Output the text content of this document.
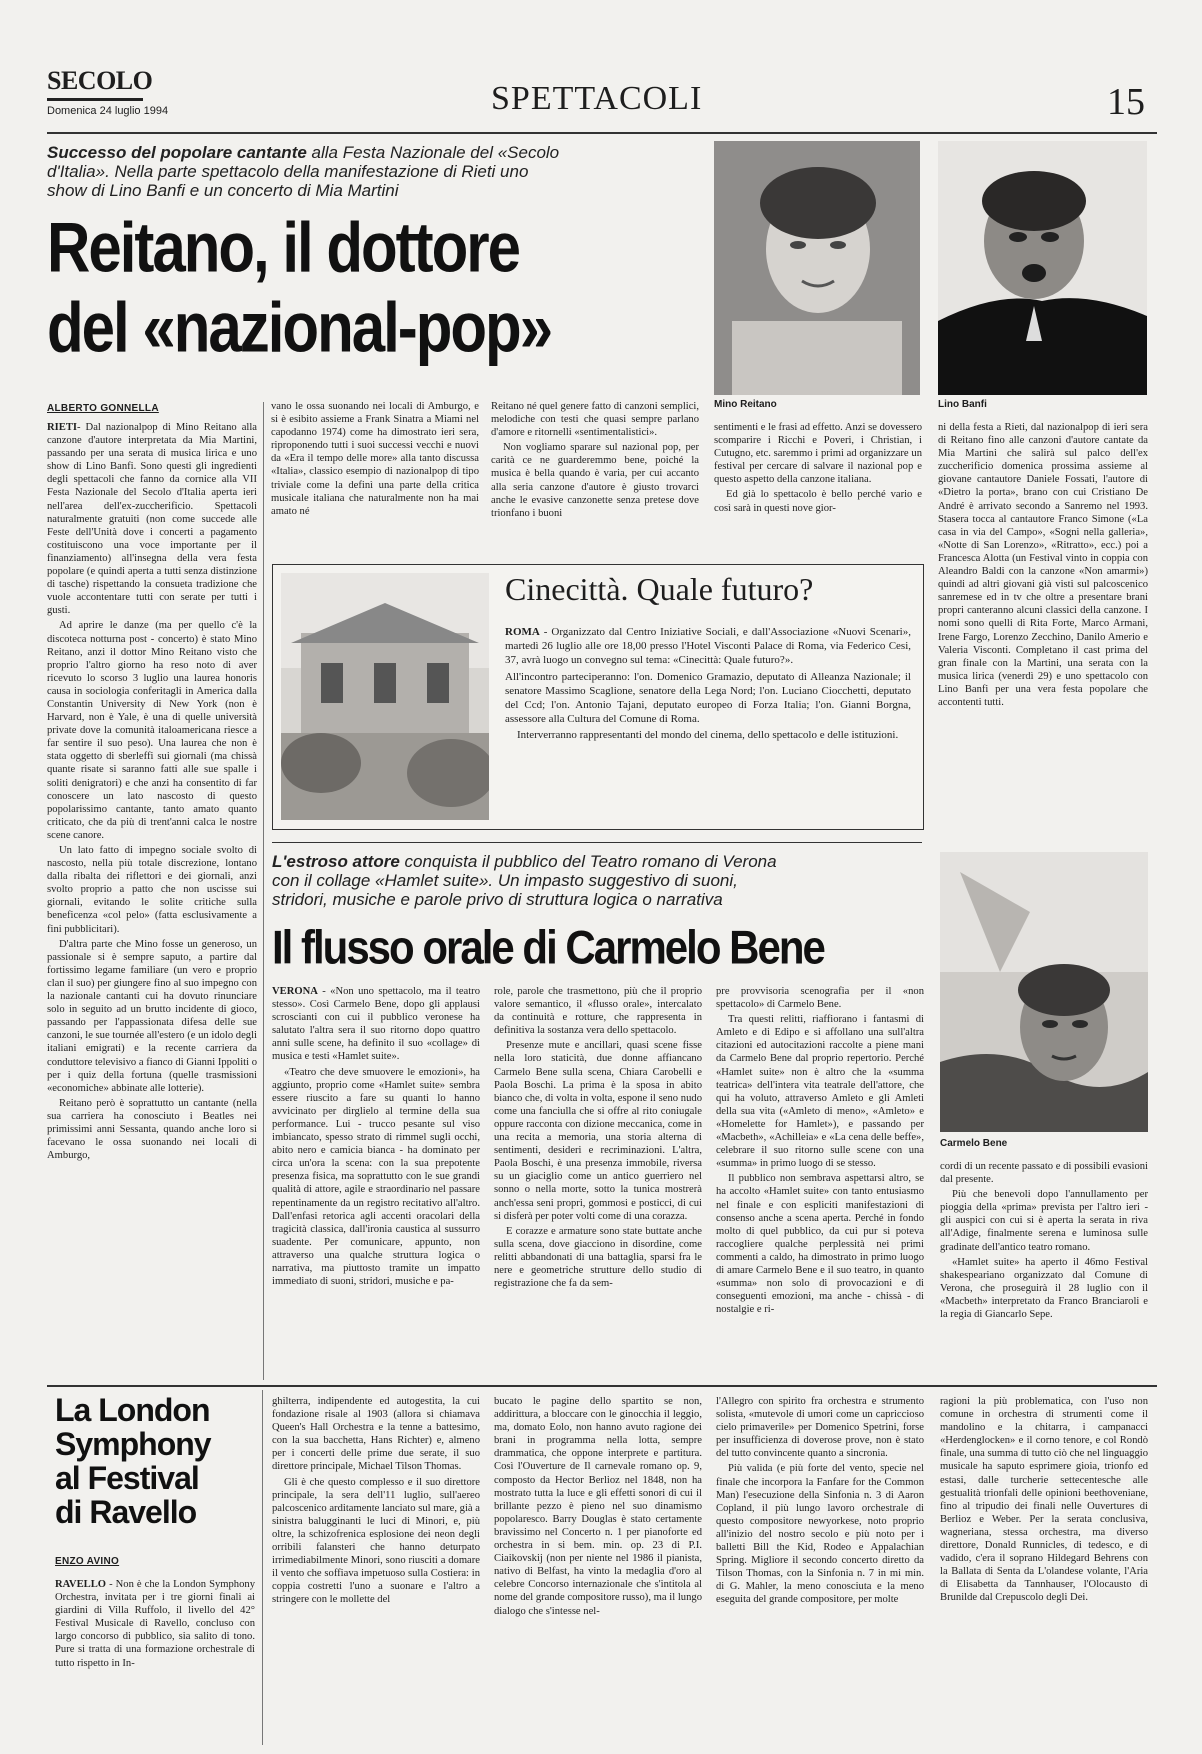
SECOLO
Domenica 24 luglio 1994	SPETTACOLI	15
Successo del popolare cantante alla Festa Nazionale del «Secolo d'Italia». Nella parte spettacolo della manifestazione di Rieti uno show di Lino Banfi e un concerto di Mia Martini
Reitano, il dottore
del «nazional-pop»
Mino Reitano	Lino Banfi
ALBERTO GONNELLA

RIETI- Dal nazionalpop di Mino Reitano alla canzone d'autore interpretata da Mia Martini, passando per una serata di musica lirica e uno show di Lino Banfi. Sono questi gli ingredienti degli spettacoli che fanno da cornice alla VII Festa Nazionale del Secolo d'Italia aperta ieri nell'area dell'ex-zuccherificio. Spettacoli naturalmente gratuiti (non come succede alle Feste dell'Unità dove i concerti a pagamento costituiscono una voce importante per il finanziamento) all'insegna della vera festa popolare (e quindi aperta a tutti senza distinzione di tasche) rispettando la consueta tradizione che vuole accontentare tutti con serate per tutti i gusti.

Ad aprire le danze (ma per quello c'è la discoteca notturna post - concerto) è stato Mino Reitano, anzi il dottor Mino Reitano visto che proprio l'altro giorno ha reso noto di aver ricevuto lo scorso 3 luglio una laurea honoris causa in sociologia conferitagli in America dalla Constantin University di New York (non è Harvard, non è Yale, è una di quelle università private dove la comunità italoamericana riesce a far sentire il suo peso). Una laurea che non è stata oggetto di sberleffi sui giornali (ma chissà quante risate si saranno fatti alle sue spalle i soliti denigratori) e che anzi ha consentito di far conoscere un lato nascosto di questo popolarissimo cantante, tanto amato quanto criticato, che da più di trent'anni calca le nostre scene canore.

Un lato fatto di impegno sociale svolto di nascosto, nella più totale discrezione, lontano dalla ribalta dei riflettori e dei giornali, anzi svolto proprio a patto che non uscisse sui giornali, evitando le solite critiche sulla beneficenza «col pelo» (fatta esclusivamente a fini pubblicitari).

D'altra parte che Mino fosse un generoso, un passionale si è sempre saputo, a partire dal fortissimo legame familiare (un vero e proprio clan il suo) per giungere fino al suo impegno con la nazionale cantanti cui ha dovuto rinunciare solo in seguito ad un brutto incidente di gioco, passando per l'appassionata difesa delle sue canzoni, le sue tournée all'estero (e un idolo degli italiani emigrati) e la recente carriera da conduttore televisivo a fianco di Gianni Ippoliti o per i quiz della fortuna (quelle trasmissioni «economiche» abbinate alle lotterie).

Reitano però è soprattutto un cantante (nella sua carriera ha conosciuto i Beatles nei primissimi anni Sessanta, quando anche loro si facevano le ossa suonando nei locali di Amburgo,

vano le ossa suonando nei locali di Amburgo, e si è esibito assieme a Frank Sinatra a Miami nel capodanno 1974) come ha dimostrato ieri sera, riproponendo tutti i suoi successi vecchi e nuovi da «Era il tempo delle more» alla tanto discussa «Italia», classico esempio di nazionalpop di tipo triviale come la definì una parte della critica musicale italiana che naturalmente non ha mai amato né

Reitano né quel genere fatto di canzoni semplici, melodiche con testi che quasi sempre parlano d'amore e ritornelli «sentimentalistici».

Non vogliamo sparare sul nazional pop, per carità ce ne guarderemmo bene, poiché la musica è bella quando è varia, per cui accanto alla seria canzone d'autore è giusto trovarci anche le evasive canzonette senza pretese dove trionfano i buoni

sentimenti e le frasi ad effetto. Anzi se dovessero scomparire i Ricchi e Poveri, i Christian, i Cutugno, etc. saremmo i primi ad organizzare un festival per cercare di salvare il nazional pop e questo aspetto della canzone italiana.

Ed già lo spettacolo è bello perché vario e così sarà in questi nove gior-

ni della festa a Rieti, dal nazionalpop di ieri sera di Reitano fino alle canzoni d'autore cantate da Mia Martini che salirà sul palco dell'ex zuccherificio domenica prossima assieme al giovane cantautore Daniele Fossati, l'autore di «Dietro la porta», brano con cui Cristiano De André è arrivato secondo a Sanremo nel 1993. Stasera tocca al cantautore Franco Simone («La casa in via del Campo», «Sogni nella galleria», «Notte di San Lorenzo», «Ritratto», ecc.) poi a Francesca Alotta (un Festival vinto in coppia con Aleandro Baldi con la canzone «Non amarmi») quindi ad altri giovani già visti sul palcoscenico sanremese ed in tv che oltre a presentare brani propri canteranno alcuni classici della canzone. I nomi sono quelli di Rita Forte, Marco Armani, Irene Fargo, Lorenzo Zecchino, Danilo Amerio e Valeria Visconti. Completano il cast prima del gran finale con la Martini, una serata con la musica lirica (venerdì 29) e uno spettacolo con Lino Banfi per una vera festa popolare che accontenti tutti.

Cinecittà. Quale futuro?

ROMA - Organizzato dal Centro Iniziative Sociali, e dall'Associazione «Nuovi Scenari», martedì 26 luglio alle ore 18,00 presso l'Hotel Visconti Palace di Roma, via Federico Cesi, 37, avrà luogo un convegno sul tema: «Cinecittà: Quale futuro?».

All'incontro parteciperanno: l'on. Domenico Gramazio, deputato di Alleanza Nazionale; il senatore Massimo Scaglione, senatore della Lega Nord; l'on. Luciano Ciocchetti, deputato del Ccd; l'on. Antonio Tajani, deputato europeo di Forza Italia; l'on. Gianni Borgna, assessore alla Cultura del Comune di Roma.

Interverranno rappresentanti del mondo del cinema, dello spettacolo e delle istituzioni.

L'estroso attore conquista il pubblico del Teatro romano di Verona con il collage «Hamlet suite». Un impasto suggestivo di suoni, stridori, musiche e parole privo di struttura logica o narrativa
Il flusso orale di Carmelo Bene
Carmelo Bene

VERONA - «Non uno spettacolo, ma il teatro stesso». Così Carmelo Bene, dopo gli applausi scroscianti con cui il pubblico veronese ha salutato l'altra sera il suo ritorno dopo quattro anni sulle scene, ha definito il suo «collage» di musica e testi «Hamlet suite».

«Teatro che deve smuovere le emozioni», ha aggiunto, proprio come «Hamlet suite» sembra essere riuscito a fare su quanti lo hanno avvicinato per dirglielo al termine della sua performance. Lui - trucco pesante sul viso imbiancato, spesso strato di rimmel sugli occhi, abito nero e camicia bianca - ha dominato per circa un'ora la scena: con la sua prepotente presenza fisica, ma soprattutto con le sue grandi qualità di attore, agile e straordinario nel passare repentinamente da un registro recitativo all'altro. Dall'enfasi retorica agli accenti oracolari della tragicità classica, dall'ironia caustica al sussurro suadente. Per comunicare, appunto, non attraverso una qualche struttura logica o narrativa, ma piuttosto tramite un impatto immediato di suoni, stridori, musiche e pa-

role, parole che trasmettono, più che il proprio valore semantico, il «flusso orale», intercalato da continuità e rotture, che rappresenta in definitiva la sostanza vera dello spettacolo.

Presenze mute e ancillari, quasi scene fisse nella loro staticità, due donne affiancano Carmelo Bene sulla scena, Chiara Carobelli e Paola Boschi. La prima è la sposa in abito bianco che, di volta in volta, espone il seno nudo come una fanciulla che si offre al rito coniugale oppure racconta con dizione meccanica, come in una recita a memoria, una storia alterna di sentimenti, desideri e recriminazioni. L'altra, Paola Boschi, è una presenza immobile, riversa su un giaciglio come un antico guerriero nel sonno o nella morte, sotto la tunica mostrerà anch'essa seni propri, gommosi e posticci, di cui si disferà per poter volti come di una corazza.

E corazze e armature sono state buttate anche sulla scena, dove giacciono in disordine, come relitti abbandonati di una battaglia, sparsi fra le nere e geometriche strutture dello studio di registrazione che fa da sem-

pre provvisoria scenografia per il «non spettacolo» di Carmelo Bene.

Tra questi relitti, riaffiorano i fantasmi di Amleto e di Edipo e si affollano una sull'altra citazioni ed autocitazioni raccolte a piene mani da Carmelo Bene dal proprio repertorio. Perché «Hamlet suite» non è altro che la «summa teatrica» dell'intera vita teatrale dell'attore, che qui ha voluto, attraverso Amleto e gli Amleti della sua vita («Amleto di meno», «Amleto» e «Homelette for Hamlet»), e passando per «Macbeth», «Achilleia» e «La cena delle beffe», celebrare il suo ritorno sulle scene con una «summa» in primo luogo di se stesso.

Il pubblico non sembrava aspettarsi altro, se ha accolto «Hamlet suite» con tanto entusiasmo nel finale e con espliciti manifestazioni di consenso anche a scena aperta. Perché in fondo molto di quel pubblico, da cui pur si poteva raccogliere qualche perplessità nei primi commenti a caldo, ha dimostrato in primo luogo di amare Carmelo Bene e il suo teatro, in quanto «summa» non solo di provocazioni e di conseguenti emozioni, ma anche - chissà - di nostalgie e ri-

cordi di un recente passato e di possibili evasioni dal presente.

Più che benevoli dopo l'annullamento per pioggia della «prima» prevista per l'altro ieri - gli auspici con cui si è aperta la serata in riva all'Adige, finalmente serena e luminosa sulle gradinate dell'antico teatro romano.

«Hamlet suite» ha aperto il 46mo Festival shakespeariano organizzato dal Comune di Verona, che proseguirà il 28 luglio con il «Macbeth» interpretato da Franco Branciaroli e la regia di Giancarlo Sepe.

La London Symphony al Festival di Ravello
ENZO AVINO

RAVELLO - Non è che la London Symphony Orchestra, invitata per i tre giorni finali ai giardini di Villa Ruffolo, il livello del 42° Festival Musicale di Ravello, concluso con largo concorso di pubblico, sia salito di tono. Pure si tratta di una formazione orchestrale di tutto rispetto in In-

ghilterra, indipendente ed autogestita, la cui fondazione risale al 1903 (allora si chiamava Queen's Hall Orchestra e la tenne a battesimo, con la sua bacchetta, Hans Richter) e, almeno per i concerti delle prime due serate, il suo direttore principale, Michael Tilson Thomas.

Gli è che questo complesso e il suo direttore principale, la sera dell'11 luglio, sull'aereo palcoscenico arditamente lanciato sul mare, già a sinistra balugginanti le luci di Minori, e, più oltre, la schizofrenica esplosione dei neon degli orribili falansteri che hanno deturpato irrimediabilmente Minori, sono riusciti a domare il vento che soffiava impetuoso sulla Costiera: in coppia costretti l'uno a suonare e l'altro a stringere con le mollette del

bucato le pagine dello spartito se non, addirittura, a bloccare con le ginocchia il leggio, ma, domato Eolo, non hanno avuto ragione dei brani in programma nella lotta, sempre drammatica, che oppone interprete e partitura. Così l'Ouverture de Il carnevale romano op. 9, composto da Hector Berlioz nel 1848, non ha mostrato tutta la luce e gli effetti sonori di cui il brillante pezzo è pieno nel suo dinamismo popolaresco. Barry Douglas è stato certamente bravissimo nel Concerto n. 1 per pianoforte ed orchestra in si bem. min. op. 23 di P.I. Ciaikovskij (non per niente nel 1986 il pianista, nativo di Belfast, ha vinto la medaglia d'oro al celebre Concorso internazionale che s'intitola al nome del grande compositore russo), ma il lungo dialogo che s'intesse nel-

l'Allegro con spirito fra orchestra e strumento solista, «mutevole di umori come un capriccioso cielo primaverile» per Domenico Spetrini, forse per insufficienza di doverose prove, non è stato del tutto convincente quanto a sincronia.

Più valida (e più forte del vento, specie nel finale che incorpora la Fanfare for the Common Man) l'esecuzione della Sinfonia n. 3 di Aaron Copland, il più lungo lavoro orchestrale di questo compositore newyorkese, noto proprio all'inizio del nostro secolo e più noto per i balletti Bill the Kid, Rodeo e Appalachian Spring. Migliore il secondo concerto diretto da Tilson Thomas, con la Sinfonia n. 7 in mi min. di G. Mahler, la meno conosciuta e la meno eseguita del grande compositore, per molte

ragioni la più problematica, con l'uso non comune in orchestra di strumenti come il mandolino e la chitarra, i campanacci «Herdenglocken» e il corno tenore, e col Rondò finale, una summa di tutto ciò che nel linguaggio musicale ha saputo esprimere gioia, trionfo ed estasi, dalle turcherie settecentesche alle gestualità trionfali delle opinioni beethoveniane, fino al tripudio dei finali nelle Ouvertures di Berlioz e Weber. Per la serata conclusiva, wagneriana, stessa orchestra, ma diverso direttore, Donald Runnicles, di tedesco, e di vadido, c'era il soprano Hildegard Behrens con la Ballata di Senta da L'olandese volante, l'Aria di Elisabetta da Tannhauser, l'Olocausto di Brunilde dal Crepuscolo degli Dei.
